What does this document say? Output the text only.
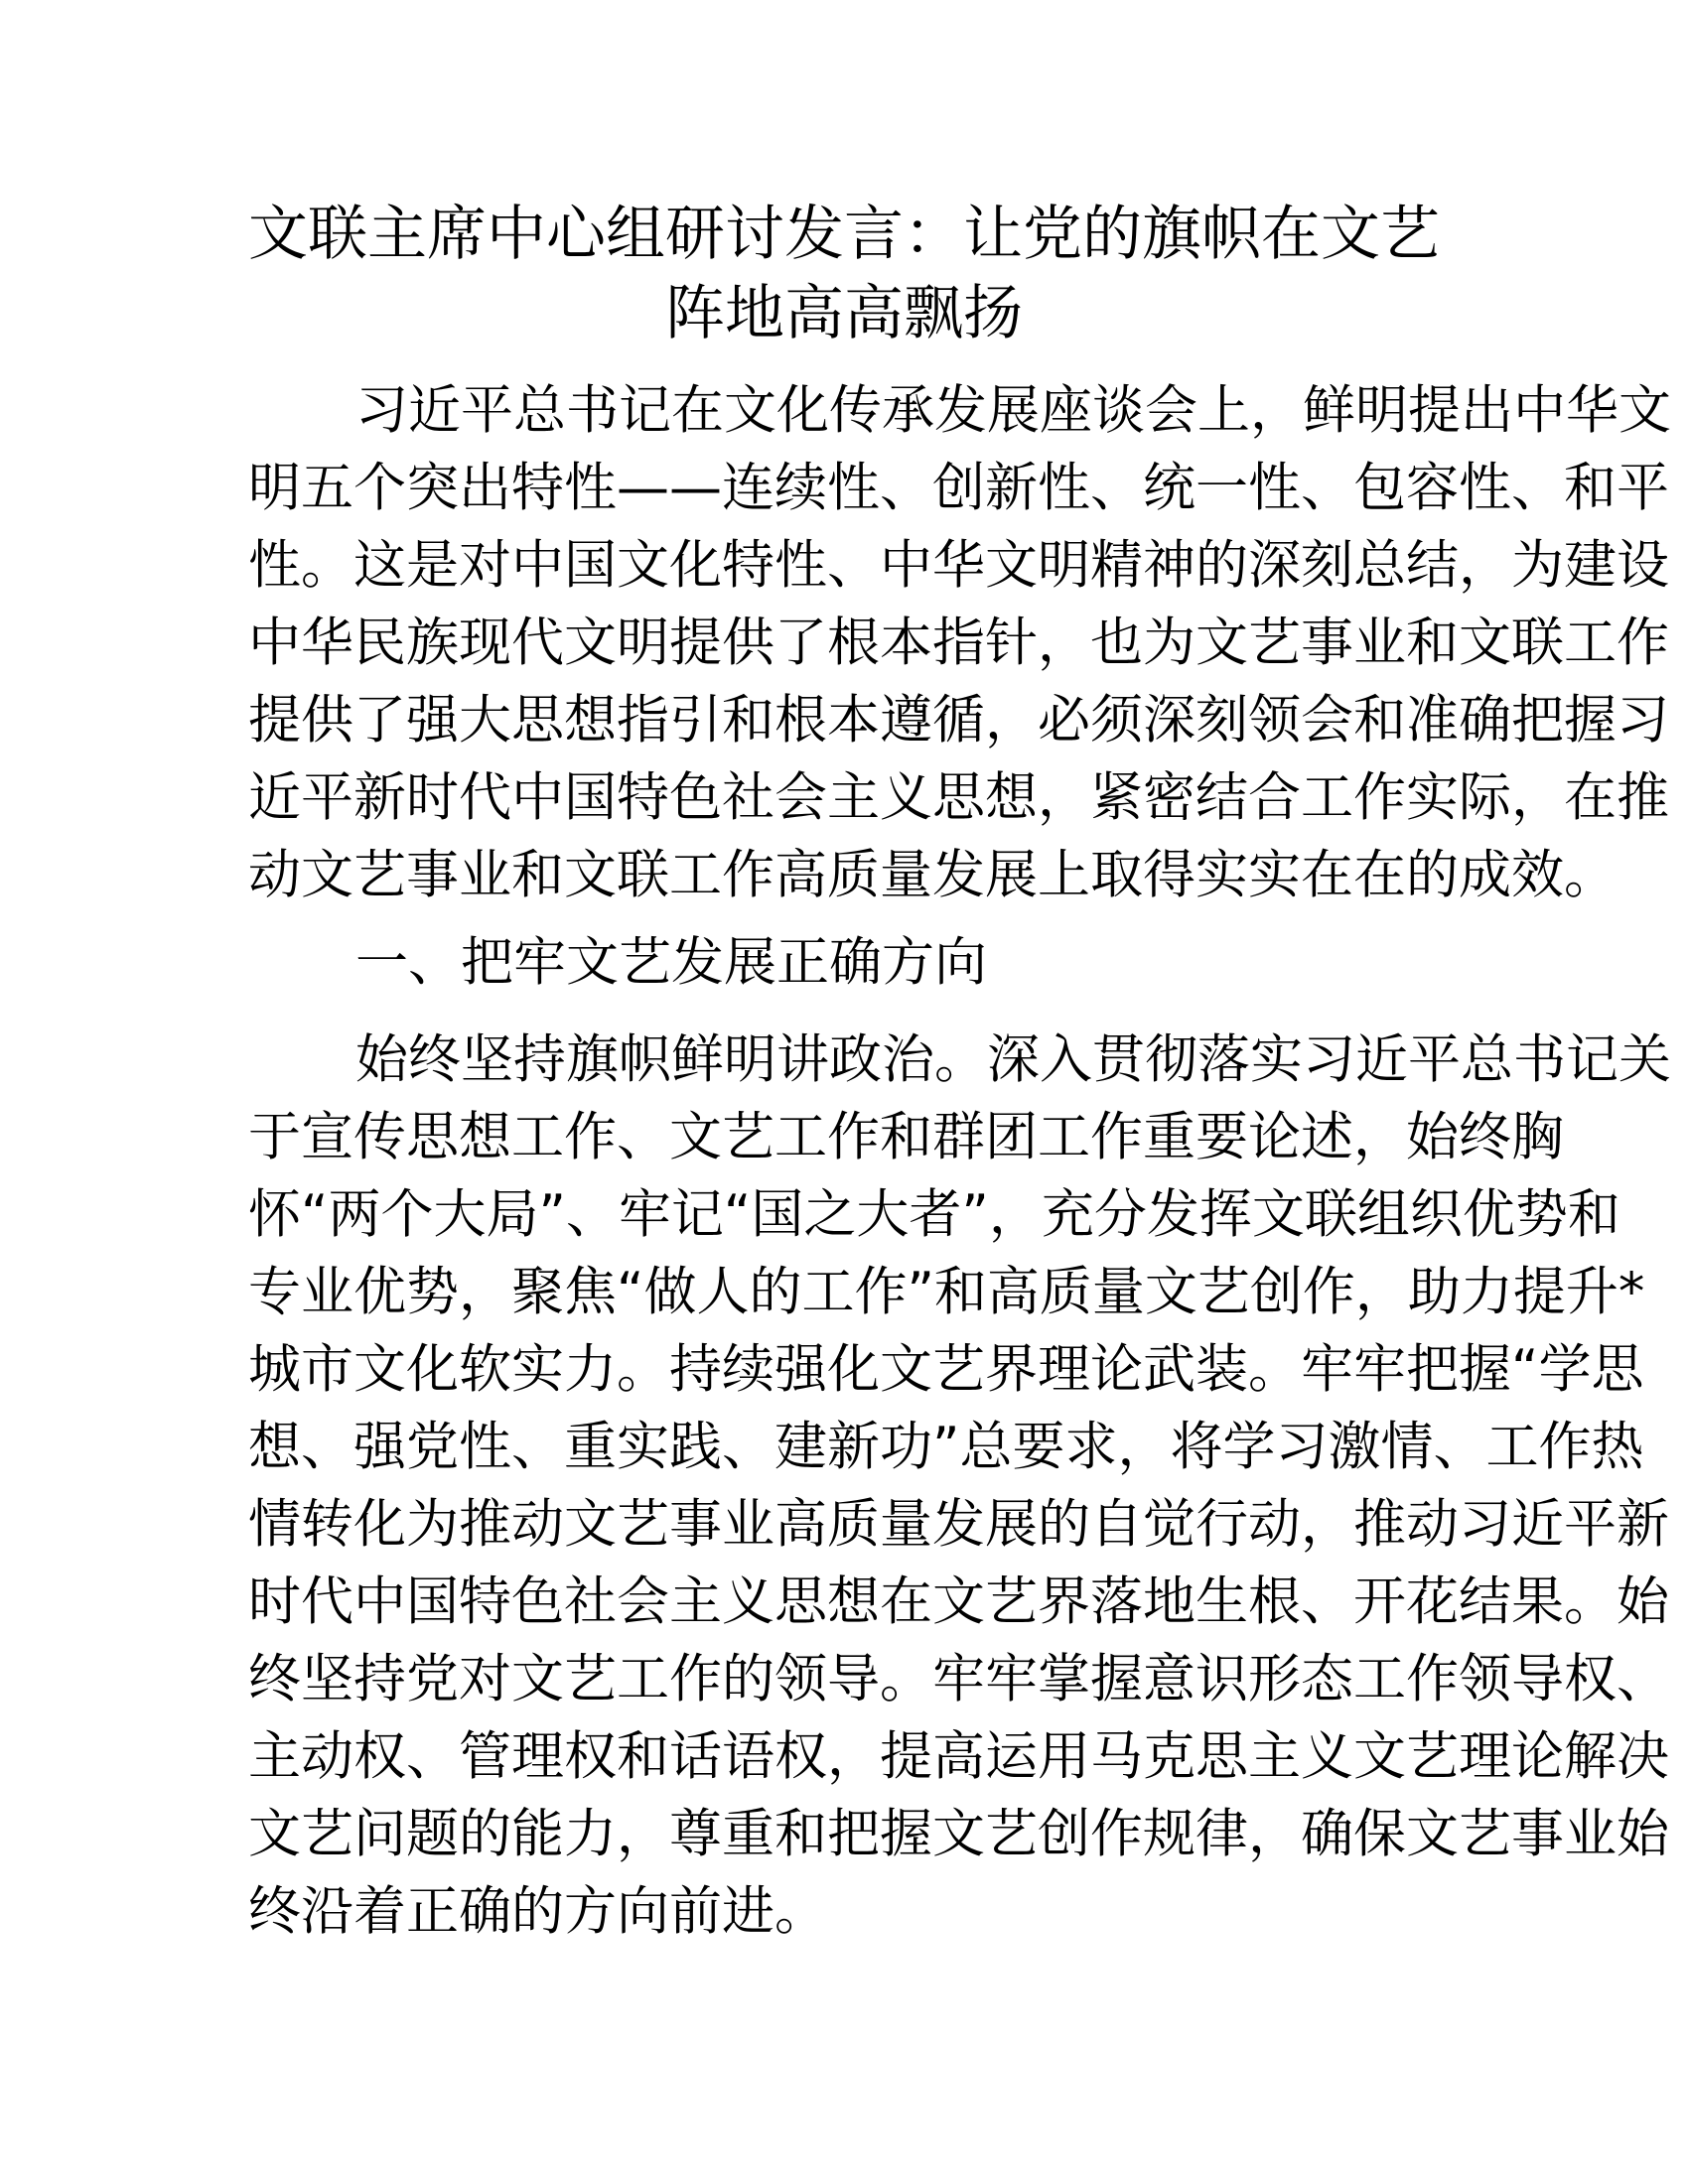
文联主席中心组研讨发言：让党的旗帜在文艺
阵地高高飘扬
习近平总书记在文化传承发展座谈会上，鲜明提出中华文
明五个突出特性——连续性、创新性、统一性、包容性、和平
性。这是对中国文化特性、中华文明精神的深刻总结，为建设
中华民族现代文明提供了根本指针，也为文艺事业和文联工作
提供了强大思想指引和根本遵循，必须深刻领会和准确把握习
近平新时代中国特色社会主义思想，紧密结合工作实际，在推
动文艺事业和文联工作高质量发展上取得实实在在的成效。
一、把牢文艺发展正确方向
始终坚持旗帜鲜明讲政治。深入贯彻落实习近平总书记关
于宣传思想工作、文艺工作和群团工作重要论述，始终胸
怀“两个大局”、牢记“国之大者”，充分发挥文联组织优势和
专业优势，聚焦“做人的工作”和高质量文艺创作，助力提升*
城市文化软实力。持续强化文艺界理论武装。牢牢把握“学思
想、强党性、重实践、建新功”总要求，将学习激情、工作热
情转化为推动文艺事业高质量发展的自觉行动，推动习近平新
时代中国特色社会主义思想在文艺界落地生根、开花结果。始
终坚持党对文艺工作的领导。牢牢掌握意识形态工作领导权、
主动权、管理权和话语权，提高运用马克思主义文艺理论解决
文艺问题的能力，尊重和把握文艺创作规律，确保文艺事业始
终沿着正确的方向前进。
